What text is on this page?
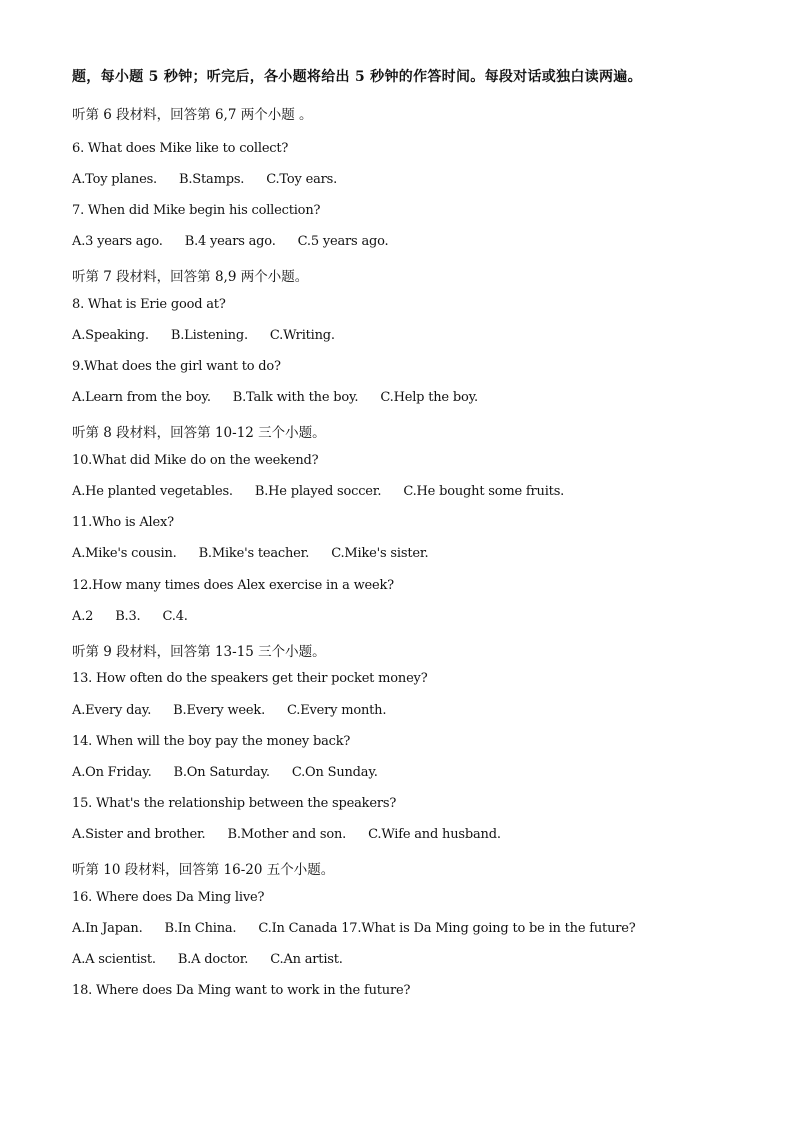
题，每小题 5 秒钟；听完后，各小题将给出 5 秒钟的作答时间。每段对话或独白读两遍。
听第 6 段材料，回答第 6,7 两个小题 。
6. What does Mike like to collect?
A.Toy planes. B.Stamps. C.Toy ears.
7. When did Mike begin his collection?
A.3 years ago. B.4 years ago. C.5 years ago.
听第 7 段材料，回答第 8,9 两个小题。
8. What is Erie good at?
A.Speaking. B.Listening. C.Writing.
9.What does the girl want to do?
A.Learn from the boy. B.Talk with the boy. C.Help the boy.
听第 8 段材料，回答第 10-12 三个小题。
10.What did Mike do on the weekend?
A.He planted vegetables. B.He played soccer. C.He bought some fruits.
11.Who is Alex?
A.Mike's cousin. B.Mike's teacher. C.Mike's sister.
12.How many times does Alex exercise in a week?
A.2 B.3. C.4.
听第 9 段材料，回答第 13-15 三个小题。
13. How often do the speakers get their pocket money?
A.Every day. B.Every week. C.Every month.
14. When will the boy pay the money back?
A.On Friday. B.On Saturday. C.On Sunday.
15. What's the relationship between the speakers?
A.Sister and brother. B.Mother and son. C.Wife and husband.
听第 10 段材料，回答第 16-20 五个小题。
16. Where does Da Ming live?
A.In Japan. B.In China. C.In Canada 17.What is Da Ming going to be in the future?
A.A scientist. B.A doctor. C.An artist.
18. Where does Da Ming want to work in the future?
